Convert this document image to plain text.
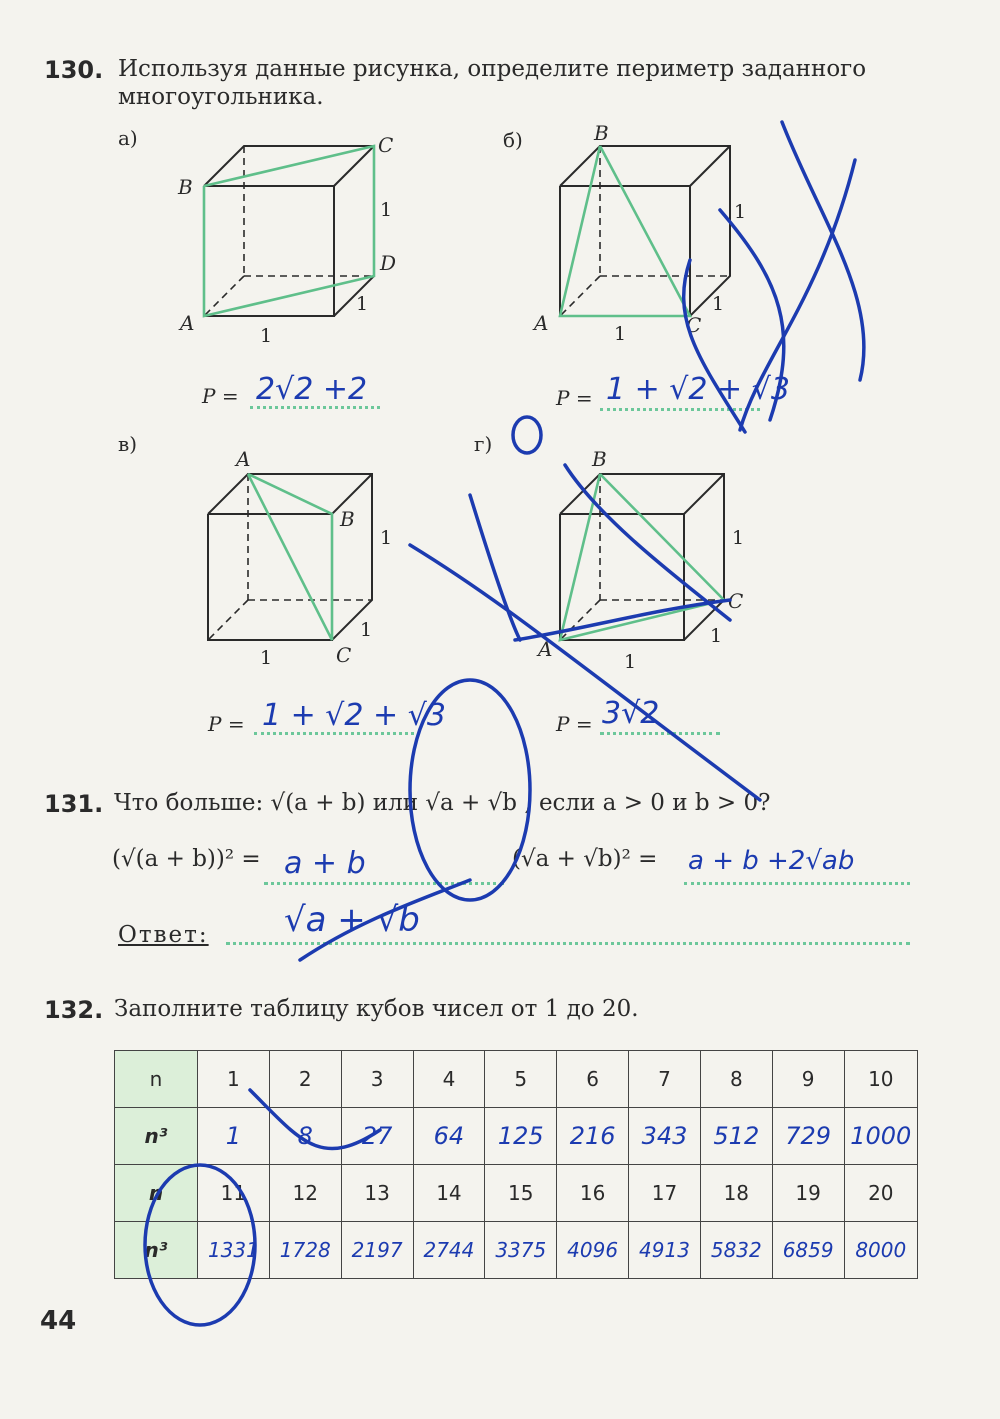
130. Используя данные рисунка, определите периметр заданного
многоугольника.
а)	б)
в)	г)
B
C
D
A
1
1
1
B
A	C
1
1
1
A
B
C
1
1
1
B
C
A
1
1
1
P = 2√2 +2	P = 1 + √2 + √3
P = 1 + √2 + √3	P = 3√2
131. Что больше: √(a + b) или √a + √b , если a > 0 и b > 0?
(√(a + b))² = a + b	(√a + √b)² = a + b +2√ab
Ответ: √a + √b
132. Заполните таблицу кубов чисел от 1 до 20.
n	1	2	3	4	5	6	7	8	9	10
n³	1	8	27	64	125	216	343	512	729	1000
n	11	12	13	14	15	16	17	18	19	20
n³	1331	1728	2197	2744	3375	4096	4913	5832	6859	8000
44
